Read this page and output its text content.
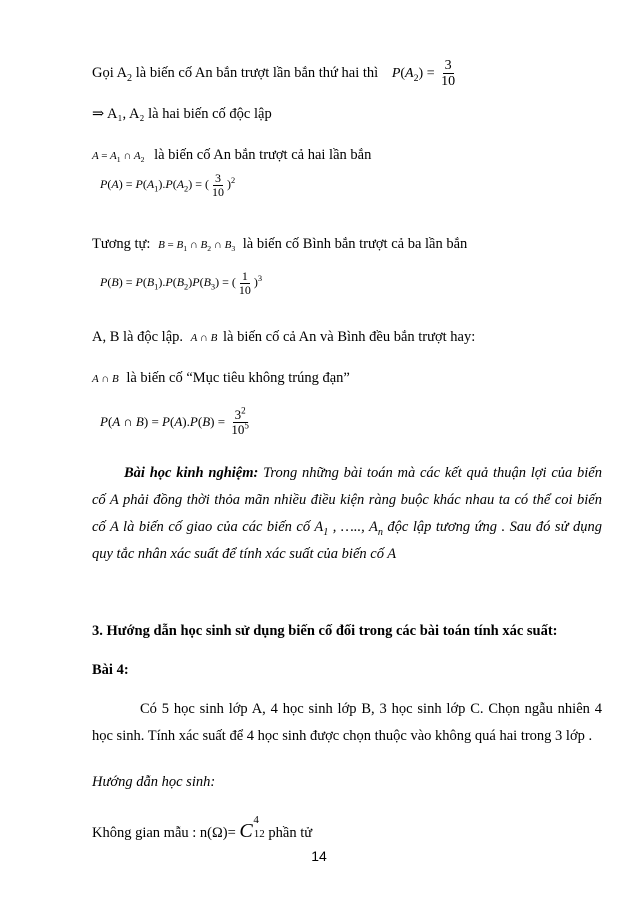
Gọi $A_2$ là biến cố An bắn trượt lần bắn thứ hai thì $P(A_2) = \frac{3}{10}$
⇒ A₁, A₂ là hai biến cố độc lập
$A = A_1$ ∩ $A_2$ là biến cố An bắn trượt cả hai lần bắn
$P(A) = P(A_1).P(A_2)$ = ( $\frac{3}{10} )^2$
Tương tự: $B = B_1$ ∩ $B_2$ ∩ $B_3$ là biến cố Bình bắn trượt cả ba lần bắn
$P(B) = P(B_1).P(B_2)P(B_3)$ = ( $\frac{1}{10} )^3$
A, B là độc lập. A ∩ B là biến cố cả An và Bình đều bắn trượt hay:
A ∩ B là biến cố “Mục tiêu không trúng đạn”
P(A ∩ $B) = P(A).P(B) = \frac{3^2}{10^5}$
Bài học kinh nghiệm: Trong những bài toán mà các kết quả thuận lợi của biến cố A phải đồng thời thỏa mãn nhiều điều kiện ràng buộc khác nhau ta có thể coi biến cố A là biến cố giao của các biến cố $A_1$ , ….., $A_n$ độc lập tương ứng . Sau đó sử dụng quy tắc nhân xác suất để tính xác suất của biến cố A
3. Hướng dẫn học sinh sử dụng biến cố đối trong các bài toán tính xác suất:
Bài 4:
Có 5 học sinh lớp A, 4 học sinh lớp B, 3 học sinh lớp C. Chọn ngẫu nhiên 4 học sinh. Tính xác suất để 4 học sinh được chọn thuộc vào không quá hai trong 3 lớp .
Hướng dẫn học sinh:
Không gian mẫu : n(Ω)= C 4
12 phần tử
14
